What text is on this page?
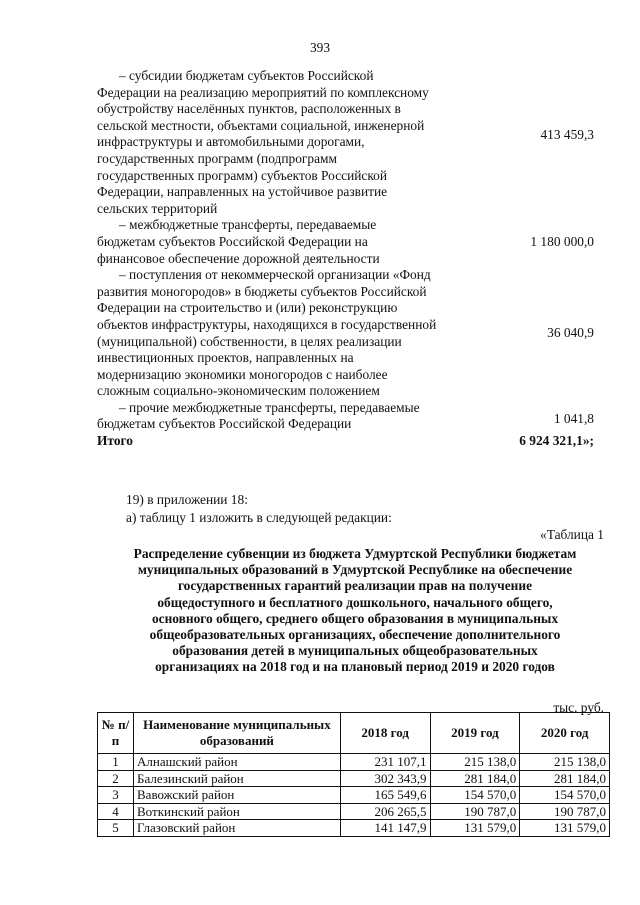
393
– субсидии бюджетам субъектов Российской
Федерации на реализацию мероприятий по комплексному
обустройству населённых пунктов, расположенных в
сельской местности, объектами социальной, инженерной
инфраструктуры и автомобильными дорогами,
государственных программ (подпрограмм
государственных программ) субъектов Российской
Федерации, направленных на устойчивое развитие
сельских территорий
413 459,3
– межбюджетные трансферты, передаваемые
бюджетам субъектов Российской Федерации на
финансовое обеспечение дорожной деятельности
1 180 000,0
– поступления от некоммерческой организации «Фонд
развития моногородов» в бюджеты субъектов Российской
Федерации на строительство и (или) реконструкцию
объектов инфраструктуры, находящихся в государственной
(муниципальной) собственности, в целях реализации
инвестиционных проектов, направленных на
модернизацию экономики моногородов с наиболее
сложным социально-экономическим положением
36 040,9
– прочие межбюджетные трансферты, передаваемые
бюджетам субъектов Российской Федерации	1 041,8
Итого	6 924 321,1»;
19) в приложении 18:
а) таблицу 1 изложить в следующей редакции:
«Таблица 1
Распределение субвенции из бюджета Удмуртской Республики бюджетам
муниципальных образований в Удмуртской Республике на обеспечение
государственных гарантий реализации прав на получение
общедоступного и бесплатного дошкольного, начального общего,
основного общего, среднего общего образования в муниципальных
общеобразовательных организациях, обеспечение дополнительного
образования детей в муниципальных общеобразовательных
организациях на 2018 год и на плановый период 2019 и 2020 годов
тыс. руб.
№ п/п	Наименование муниципальных образований	2018 год	2019 год	2020 год
1	Алнашский район	231 107,1	215 138,0	215 138,0
2	Балезинский район	302 343,9	281 184,0	281 184,0
3	Вавожский район	165 549,6	154 570,0	154 570,0
4	Воткинский район	206 265,5	190 787,0	190 787,0
5	Глазовский район	141 147,9	131 579,0	131 579,0
